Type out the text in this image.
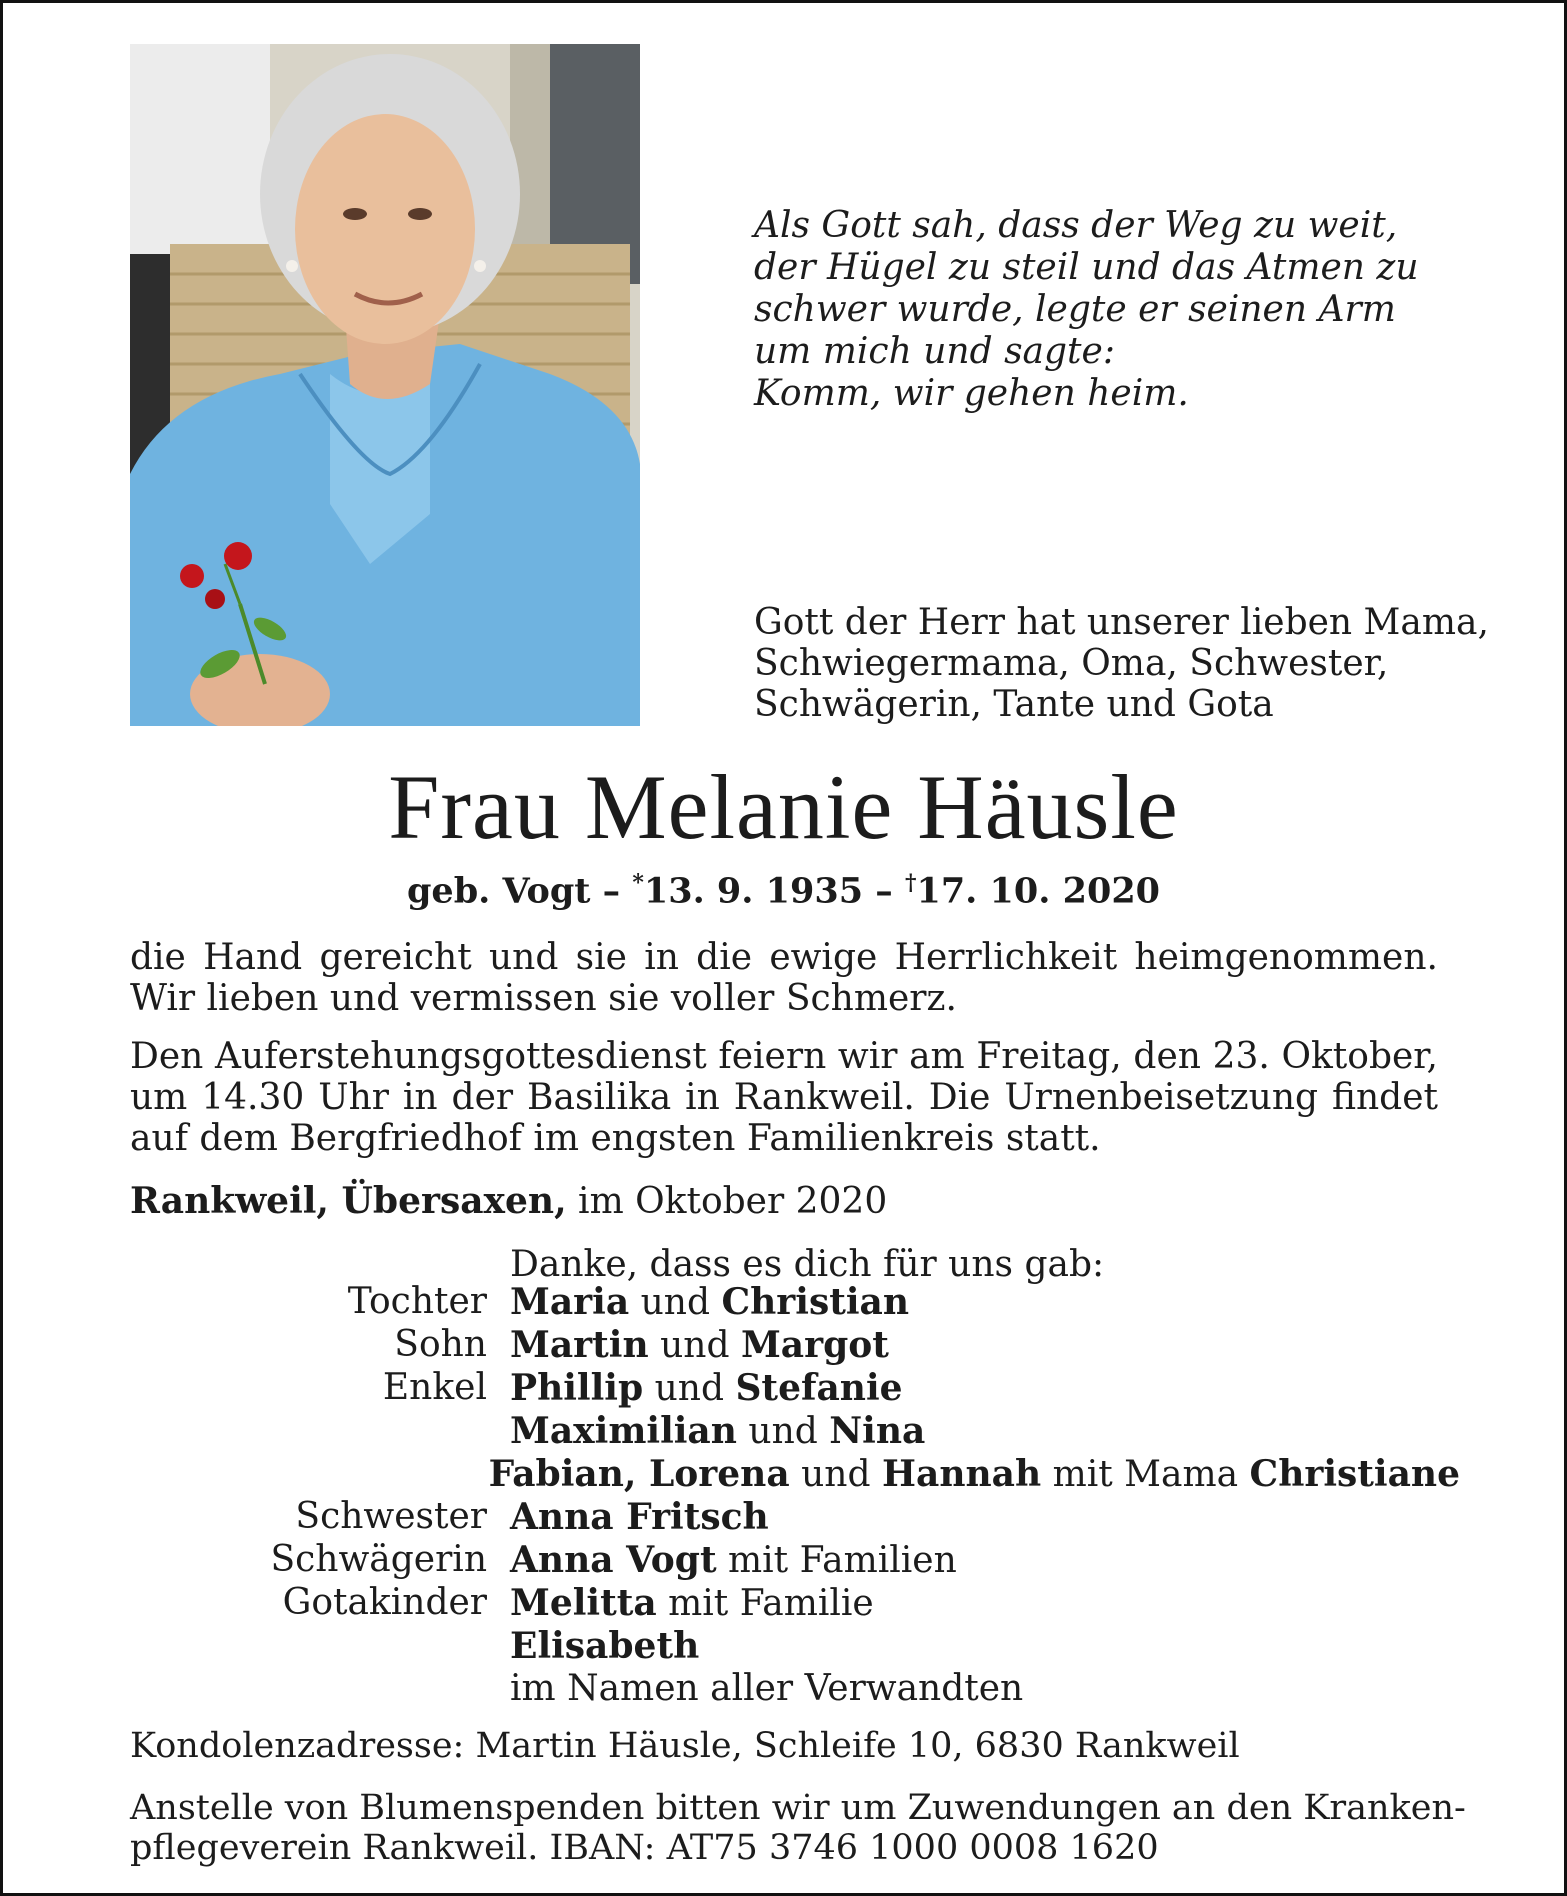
Als Gott sah, dass der Weg zu weit,
der Hügel zu steil und das Atmen zu
schwer wurde, legte er seinen Arm
um mich und sagte:
Komm, wir gehen heim.
Gott der Herr hat unserer lieben Mama,
Schwiegermama, Oma, Schwester,
Schwägerin, Tante und Gota
Frau Melanie Häusle
geb. Vogt – *13. 9. 1935 – †17. 10. 2020
die Hand gereicht und sie in die ewige Herrlichkeit heimgenommen. Wir lieben und vermissen sie voller Schmerz.
Den Auferstehungsgottesdienst feiern wir am Freitag, den 23. Oktober, um 14.30 Uhr in der Basilika in Rankweil. Die Urnenbeisetzung findet auf dem Bergfriedhof im engsten Familienkreis statt.
Rankweil, Übersaxen, im Oktober 2020
Danke, dass es dich für uns gab:
Tochter Maria und Christian
Sohn Martin und Margot
Enkel Phillip und Stefanie
Maximilian und Nina
Fabian, Lorena und Hannah mit Mama Christiane
Schwester Anna Fritsch
Schwägerin Anna Vogt mit Familien
Gotakinder Melitta mit Familie
Elisabeth
im Namen aller Verwandten
Kondolenzadresse: Martin Häusle, Schleife 10, 6830 Rankweil
Anstelle von Blumenspenden bitten wir um Zuwendungen an den Kranken-
pflegeverein Rankweil. IBAN: AT75 3746 1000 0008 1620
